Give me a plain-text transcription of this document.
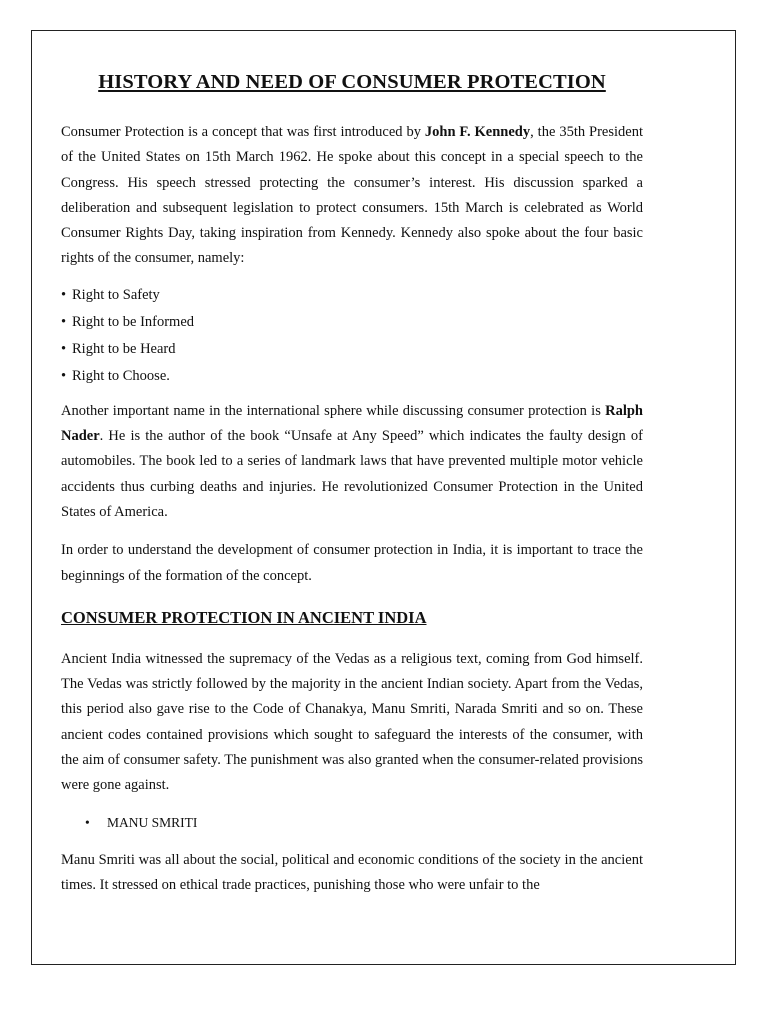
HISTORY AND NEED OF CONSUMER PROTECTION

Consumer Protection is a concept that was first introduced by John F. Kennedy, the 35th President of the United States on 15th March 1962. He spoke about this concept in a special speech to the Congress. His speech stressed protecting the consumer’s interest. His discussion sparked a deliberation and subsequent legislation to protect consumers. 15th March is celebrated as World Consumer Rights Day, taking inspiration from Kennedy. Kennedy also spoke about the four basic rights of the consumer, namely:

• Right to Safety
• Right to be Informed
• Right to be Heard
• Right to Choose.

Another important name in the international sphere while discussing consumer protection is Ralph Nader. He is the author of the book “Unsafe at Any Speed” which indicates the faulty design of automobiles. The book led to a series of landmark laws that have prevented multiple motor vehicle accidents thus curbing deaths and injuries. He revolutionized Consumer Protection in the United States of America.

In order to understand the development of consumer protection in India, it is important to trace the beginnings of the formation of the concept.

CONSUMER PROTECTION IN ANCIENT INDIA

Ancient India witnessed the supremacy of the Vedas as a religious text, coming from God himself. The Vedas was strictly followed by the majority in the ancient Indian society. Apart from the Vedas, this period also gave rise to the Code of Chanakya, Manu Smriti, Narada Smriti and so on. These ancient codes contained provisions which sought to safeguard the interests of the consumer, with the aim of consumer safety. The punishment was also granted when the consumer-related provisions were gone against.

• MANU SMRITI

Manu Smriti was all about the social, political and economic conditions of the society in the ancient times. It stressed on ethical trade practices, punishing those who were unfair to the
